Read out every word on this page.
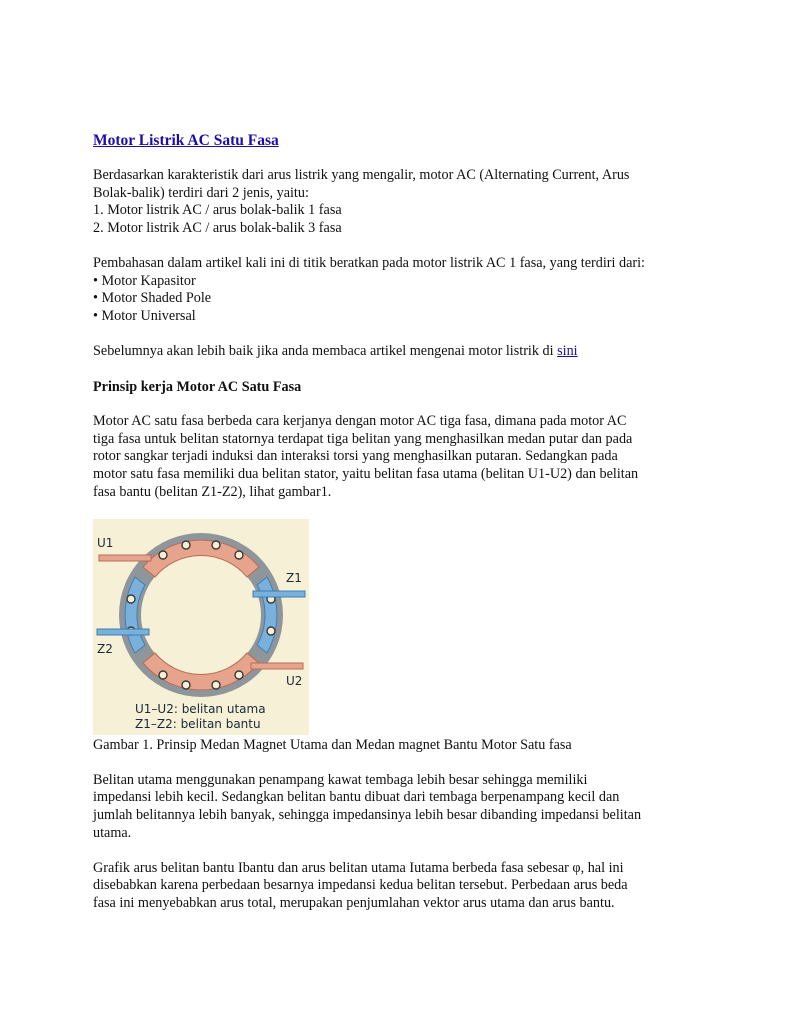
Motor Listrik AC Satu Fasa

Berdasarkan karakteristik dari arus listrik yang mengalir, motor AC (Alternating Current, Arus
Bolak-balik) terdiri dari 2 jenis, yaitu:
1. Motor listrik AC / arus bolak-balik 1 fasa
2. Motor listrik AC / arus bolak-balik 3 fasa

Pembahasan dalam artikel kali ini di titik beratkan pada motor listrik AC 1 fasa, yang terdiri dari:
• Motor Kapasitor
• Motor Shaded Pole
• Motor Universal

Sebelumnya akan lebih baik jika anda membaca artikel mengenai motor listrik di sini

Prinsip kerja Motor AC Satu Fasa

Motor AC satu fasa berbeda cara kerjanya dengan motor AC tiga fasa, dimana pada motor AC
tiga fasa untuk belitan statornya terdapat tiga belitan yang menghasilkan medan putar dan pada
rotor sangkar terjadi induksi dan interaksi torsi yang menghasilkan putaran. Sedangkan pada
motor satu fasa memiliki dua belitan stator, yaitu belitan fasa utama (belitan U1-U2) dan belitan
fasa bantu (belitan Z1-Z2), lihat gambar1.

U1
Z1
Z2
U2
U1–U2: belitan utama
Z1–Z2: belitan bantu

Gambar 1. Prinsip Medan Magnet Utama dan Medan magnet Bantu Motor Satu fasa

Belitan utama menggunakan penampang kawat tembaga lebih besar sehingga memiliki
impedansi lebih kecil. Sedangkan belitan bantu dibuat dari tembaga berpenampang kecil dan
jumlah belitannya lebih banyak, sehingga impedansinya lebih besar dibanding impedansi belitan
utama.

Grafik arus belitan bantu Ibantu dan arus belitan utama Iutama berbeda fasa sebesar φ, hal ini
disebabkan karena perbedaan besarnya impedansi kedua belitan tersebut. Perbedaan arus beda
fasa ini menyebabkan arus total, merupakan penjumlahan vektor arus utama dan arus bantu.
